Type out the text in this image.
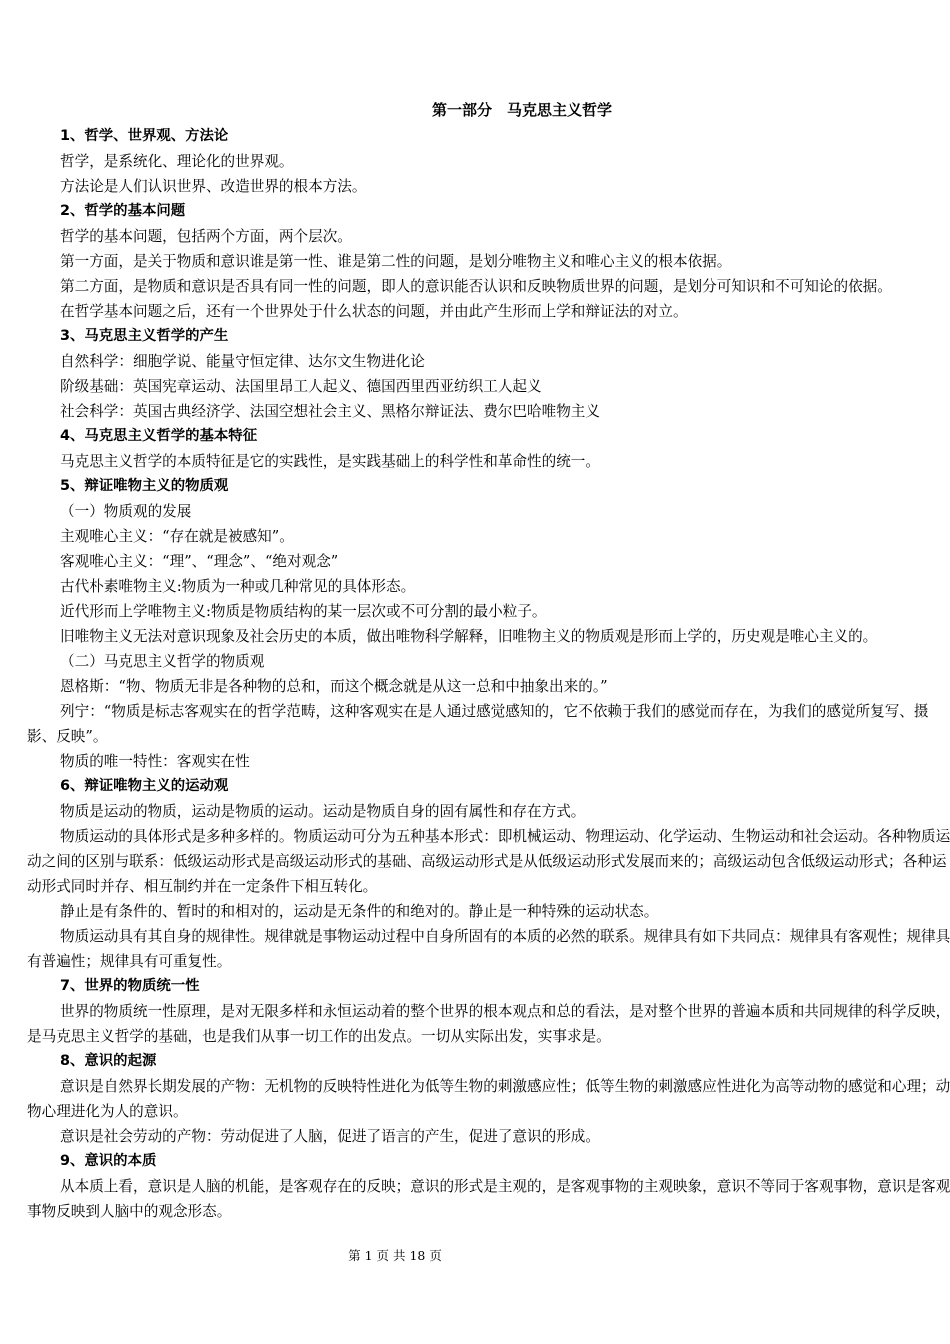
第一部分　马克思主义哲学

1、哲学、世界观、方法论

哲学，是系统化、理论化的世界观。

方法论是人们认识世界、改造世界的根本方法。

2、哲学的基本问题

哲学的基本问题，包括两个方面，两个层次。

第一方面，是关于物质和意识谁是第一性、谁是第二性的问题，是划分唯物主义和唯心主义的根本依据。

第二方面，是物质和意识是否具有同一性的问题，即人的意识能否认识和反映物质世界的问题，是划分可知识和不可知论的依据。

在哲学基本问题之后，还有一个世界处于什么状态的问题，并由此产生形而上学和辩证法的对立。

3、马克思主义哲学的产生

自然科学：细胞学说、能量守恒定律、达尔文生物进化论

阶级基础：英国宪章运动、法国里昂工人起义、德国西里西亚纺织工人起义

社会科学：英国古典经济学、法国空想社会主义、黑格尔辩证法、费尔巴哈唯物主义

4、马克思主义哲学的基本特征

马克思主义哲学的本质特征是它的实践性，是实践基础上的科学性和革命性的统一。

5、辩证唯物主义的物质观

（一）物质观的发展

主观唯心主义：“存在就是被感知”。

客观唯心主义：“理”、“理念”、“绝对观念”

古代朴素唯物主义:物质为一种或几种常见的具体形态。

近代形而上学唯物主义:物质是物质结构的某一层次或不可分割的最小粒子。

旧唯物主义无法对意识现象及社会历史的本质，做出唯物科学解释，旧唯物主义的物质观是形而上学的，历史观是唯心主义的。

（二）马克思主义哲学的物质观

恩格斯：“物、物质无非是各种物的总和，而这个概念就是从这一总和中抽象出来的。”

列宁：“物质是标志客观实在的哲学范畴，这种客观实在是人通过感觉感知的，它不依赖于我们的感觉而存在，为我们的感觉所复写、摄影、反映”。

物质的唯一特性：客观实在性

6、辩证唯物主义的运动观

物质是运动的物质，运动是物质的运动。运动是物质自身的固有属性和存在方式。

物质运动的具体形式是多种多样的。物质运动可分为五种基本形式：即机械运动、物理运动、化学运动、生物运动和社会运动。各种物质运动之间的区别与联系：低级运动形式是高级运动形式的基础、高级运动形式是从低级运动形式发展而来的；高级运动包含低级运动形式；各种运动形式同时并存、相互制约并在一定条件下相互转化。

静止是有条件的、暂时的和相对的，运动是无条件的和绝对的。静止是一种特殊的运动状态。

物质运动具有其自身的规律性。规律就是事物运动过程中自身所固有的本质的必然的联系。规律具有如下共同点：规律具有客观性；规律具有普遍性；规律具有可重复性。

7、世界的物质统一性

世界的物质统一性原理，是对无限多样和永恒运动着的整个世界的根本观点和总的看法，是对整个世界的普遍本质和共同规律的科学反映，是马克思主义哲学的基础，也是我们从事一切工作的出发点。一切从实际出发，实事求是。

8、意识的起源

意识是自然界长期发展的产物：无机物的反映特性进化为低等生物的刺激感应性；低等生物的刺激感应性进化为高等动物的感觉和心理；动物心理进化为人的意识。

意识是社会劳动的产物：劳动促进了人脑，促进了语言的产生，促进了意识的形成。

9、意识的本质

从本质上看，意识是人脑的机能，是客观存在的反映；意识的形式是主观的，是客观事物的主观映象，意识不等同于客观事物，意识是客观事物反映到人脑中的观念形态。

第 1 页 共 18 页
